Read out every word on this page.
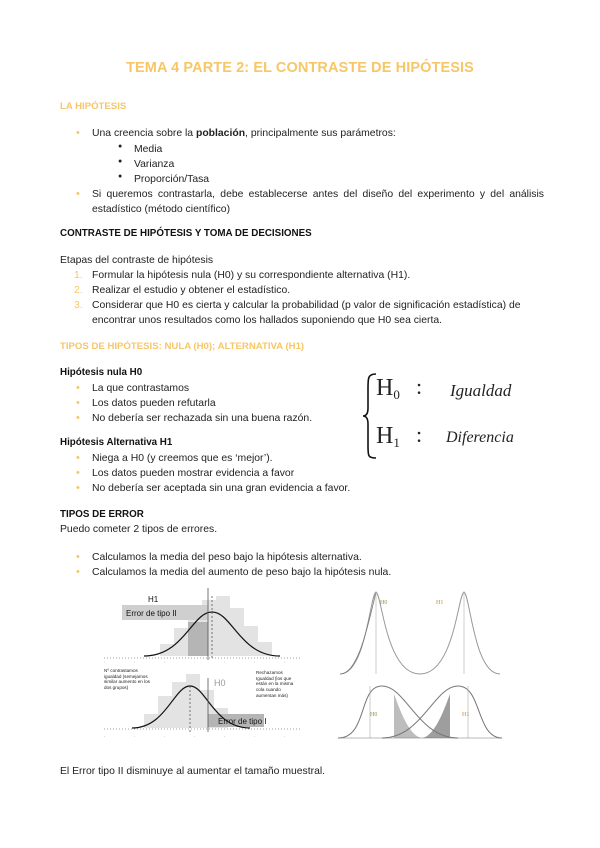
TEMA 4 PARTE 2: EL CONTRASTE DE HIPÓTESIS
LA HIPÓTESIS
• Una creencia sobre la población, principalmente sus parámetros:
● Media
● Varianza
● Proporción/Tasa
• Si queremos contrastarla, debe establecerse antes del diseño del experimento y del análisis estadístico (método científico)
CONTRASTE DE HIPÓTESIS Y TOMA DE DECISIONES
Etapas del contraste de hipótesis
1. Formular la hipótesis nula (H0) y su correspondiente alternativa (H1).
2. Realizar el estudio y obtener el estadístico.
3. Considerar que H0 es cierta y calcular la probabilidad (p valor de significación estadística) de encontrar unos resultados como los hallados suponiendo que H0 sea cierta.
TIPOS DE HIPÓTESIS: NULA (H0); ALTERNATIVA (H1)
Hipótesis nula H0
• La que contrastamos
• Los datos pueden refutarla
• No debería ser rechazada sin una buena razón.
Hipótesis Alternativa H1
• Niega a H0 (y creemos que es ‘mejor’).
• Los datos pueden mostrar evidencia a favor
• No debería ser aceptada sin una gran evidencia a favor.
H0 : Igualdad
H1 : Diferencia
TIPOS DE ERROR
Puedo cometer 2 tipos de errores.
• Calculamos la media del peso bajo la hipótesis alternativa.
• Calculamos la media del aumento de peso bajo la hipótesis nula.
H1
Error de tipo II
H0
Error de tipo I
·	·	·	·	·	·	·
·	·	·	·	·	·	·
Nº contrastamos igualdad (semejamos similar aumento en los dos grupos)
Rechazamos Igualdad (los que están en la misma cola cuando aumentan más)
H0	H1
H0	H1
El Error tipo II disminuye al aumentar el tamaño muestral.
